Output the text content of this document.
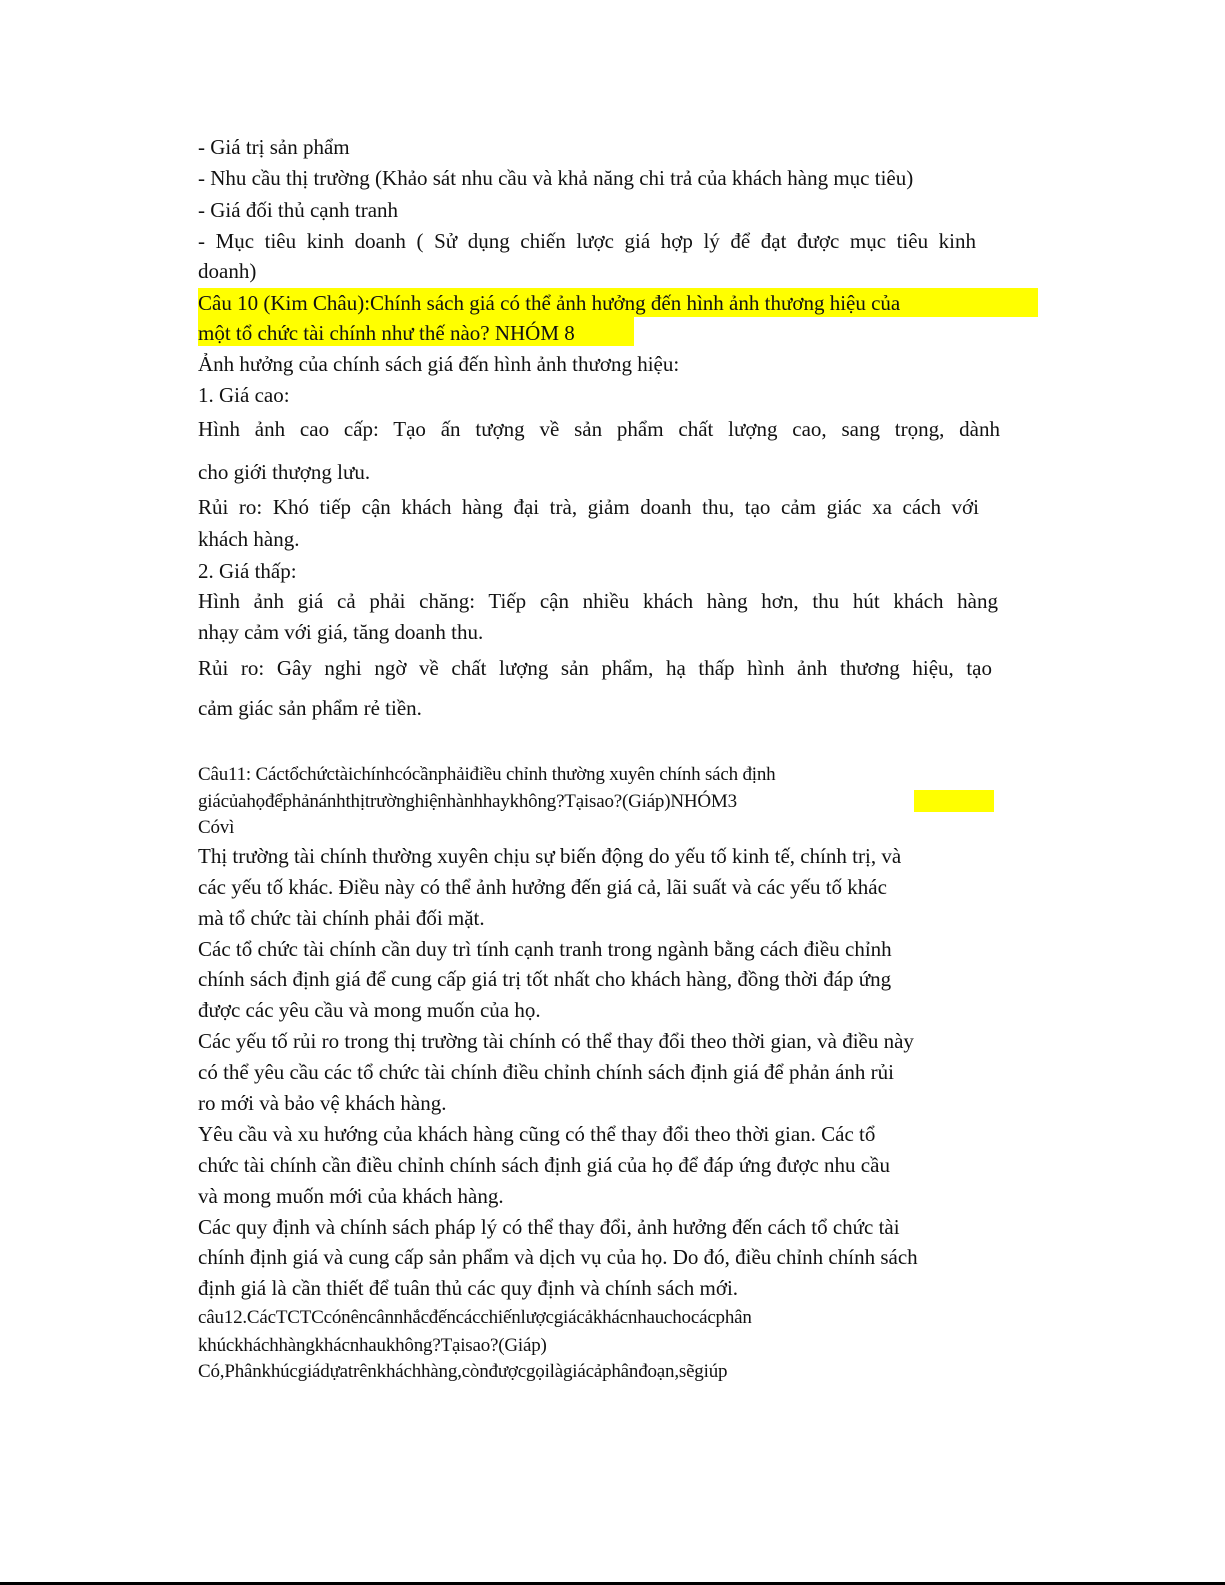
- Giá trị sản phẩm
- Nhu cầu thị trường (Khảo sát nhu cầu và khả năng chi trả của khách hàng mục tiêu)
- Giá đối thủ cạnh tranh
- Mục tiêu kinh doanh ( Sử dụng chiến lược giá hợp lý để đạt được mục tiêu kinh
doanh)
Câu 10 (Kim Châu):Chính sách giá có thể ảnh hưởng đến hình ảnh thương hiệu của
một tổ chức tài chính như thế nào? NHÓM 8
Ảnh hưởng của chính sách giá đến hình ảnh thương hiệu:
1. Giá cao:
Hình ảnh cao cấp: Tạo ấn tượng về sản phẩm chất lượng cao, sang trọng, dành
cho giới thượng lưu.
Rủi ro: Khó tiếp cận khách hàng đại trà, giảm doanh thu, tạo cảm giác xa cách với
khách hàng.
2. Giá thấp:
Hình ảnh giá cả phải chăng: Tiếp cận nhiều khách hàng hơn, thu hút khách hàng
nhạy cảm với giá, tăng doanh thu.
Rủi ro: Gây nghi ngờ về chất lượng sản phẩm, hạ thấp hình ảnh thương hiệu, tạo
cảm giác sản phẩm rẻ tiền.
Câu11: Cáctổchứctàichínhcócầnphảiđiều chỉnh thường xuyên chính sách định
giácủahọđểphảnánhthịtrườnghiệnhànhhaykhông?Tạisao?(Giáp)NHÓM3
Cóvì
Thị trường tài chính thường xuyên chịu sự biến động do yếu tố kinh tế, chính trị, và
các yếu tố khác. Điều này có thể ảnh hưởng đến giá cả, lãi suất và các yếu tố khác
mà tổ chức tài chính phải đối mặt.
Các tổ chức tài chính cần duy trì tính cạnh tranh trong ngành bằng cách điều chỉnh
chính sách định giá để cung cấp giá trị tốt nhất cho khách hàng, đồng thời đáp ứng
được các yêu cầu và mong muốn của họ.
Các yếu tố rủi ro trong thị trường tài chính có thể thay đổi theo thời gian, và điều này
có thể yêu cầu các tổ chức tài chính điều chỉnh chính sách định giá để phản ánh rủi
ro mới và bảo vệ khách hàng.
Yêu cầu và xu hướng của khách hàng cũng có thể thay đổi theo thời gian. Các tổ
chức tài chính cần điều chỉnh chính sách định giá của họ để đáp ứng được nhu cầu
và mong muốn mới của khách hàng.
Các quy định và chính sách pháp lý có thể thay đổi, ảnh hưởng đến cách tổ chức tài
chính định giá và cung cấp sản phẩm và dịch vụ của họ. Do đó, điều chỉnh chính sách
định giá là cần thiết để tuân thủ các quy định và chính sách mới.
câu12.CácTCTCcónêncânnhắcđếncácchiếnlượcgiácảkhácnhauchocácphân
khúckháchhàngkhácnhaukhông?Tạisao?(Giáp)
Có,Phânkhúcgiádựatrênkháchhàng,cònđượcgọilàgiácảphânđoạn,sẽgiúp
